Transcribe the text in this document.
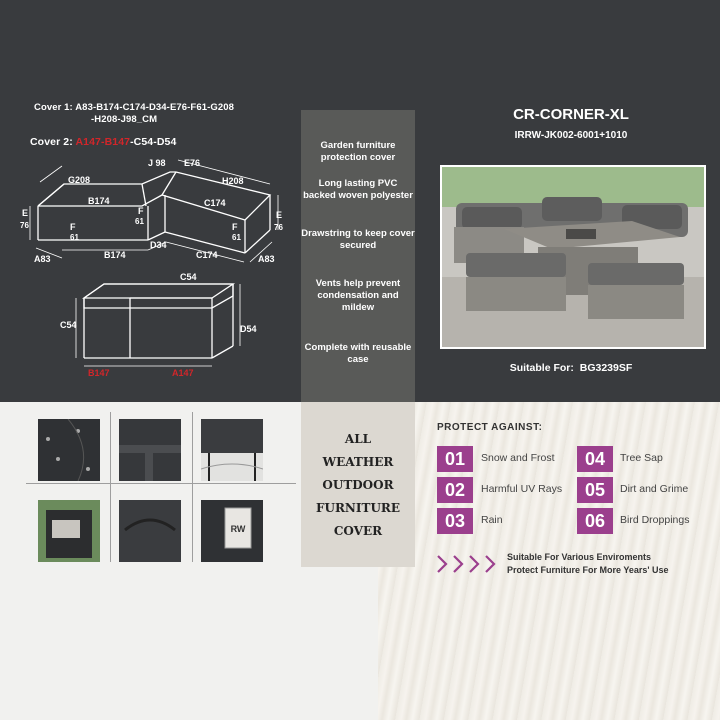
Cover 1: A83-B174-C174-D34-E76-F61-G208
-H208-J98_CM
Cover 2: A147-B147-C54-D54
G208
J 98 E76
H208
B174	C174
F
61
F
61
F
61
E
76
E
76
A83	B174
D34
C174	A83
C54
C54	D54
B147	A147
Garden furniture protection cover
Long lasting PVC backed woven polyester
Drawstring to keep cover secured
Vents help prevent condensation and mildew
Complete with reusable case
CR-CORNER-XL
IRRW-JK002-6001+1010
Suitable For: BG3239SF
RW
ALL
WEATHER
OUTDOOR
FURNITURE
COVER
PROTECT AGAINST:
01	Snow and Frost
02	Harmful UV Rays
03	Rain
04	Tree Sap
05	Dirt and Grime
06	Bird Droppings
Suitable For Various Enviroments
Protect Furniture For More Years' Use
